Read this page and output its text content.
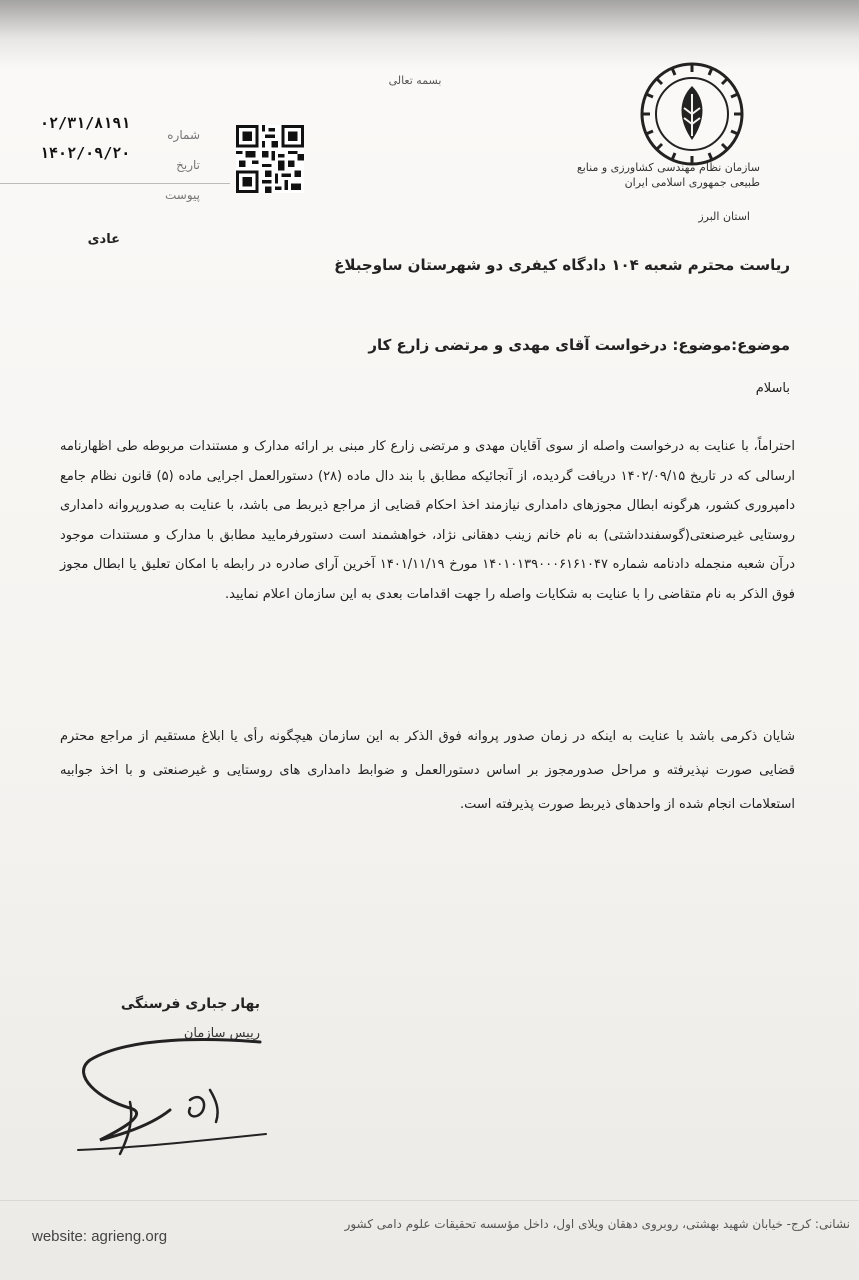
بسمه تعالی
سازمان نظام مهندسی کشاورزی و منابع طبیعی جمهوری اسلامی ایران
استان البرز
شماره
تاریخ
پیوست
۰۲/۳۱/۸۱۹۱
۱۴۰۲/۰۹/۲۰
عادی
ریاست محترم شعبه ۱۰۴ دادگاه کیفری دو شهرستان ساوجبلاغ
موضوع:موضوع: درخواست آقای مهدی و مرتضی زارع کار
باسلام
احتراماً، با عنایت به درخواست واصله از سوی آقایان مهدی و مرتضی زارع کار مبنی بر ارائه مدارک و مستندات مربوطه طی اظهارنامه ارسالی که در تاریخ ۱۴۰۲/۰۹/۱۵ دریافت گردیده، از آنجائیکه مطابق با بند دال ماده (۲۸) دستورالعمل اجرایی ماده (۵) قانون نظام جامع دامپروری کشور، هرگونه ابطال مجوزهای دامداری نیازمند اخذ احکام قضایی از مراجع ذیربط می باشد، با عنایت به صدورپروانه دامداری روستایی غیرصنعتی(گوسفندداشتی) به نام خانم زینب دهقانی نژاد، خواهشمند است دستورفرمایید مطابق با مدارک و مستندات موجود درآن شعبه منجمله دادنامه شماره ۱۴۰۱۰۱۳۹۰۰۰۶۱۶۱۰۴۷ مورخ ۱۴۰۱/۱۱/۱۹ آخرین آرای صادره در رابطه با امکان تعلیق یا ابطال مجوز فوق الذکر به نام متقاضی را با عنایت به شکایات واصله را جهت اقدامات بعدی به این سازمان اعلام نمایید.
شایان ذکرمی باشد با عنایت به اینکه در زمان صدور پروانه فوق الذکر به این سازمان هیچگونه رأی یا ابلاغ مستقیم از مراجع محترم قضایی صورت نپذیرفته و مراحل صدورمجوز بر اساس دستورالعمل و ضوابط دامداری های روستایی و غیرصنعتی و با اخذ جوابیه استعلامات انجام شده از واحدهای ذیربط صورت پذیرفته است.
بهار جباری فرسنگی
رییس سازمان
website: agrieng.org
نشانی: کرج- خیابان شهید بهشتی، روبروی دهقان ویلای اول، داخل مؤسسه تحقیقات علوم دامی کشور
